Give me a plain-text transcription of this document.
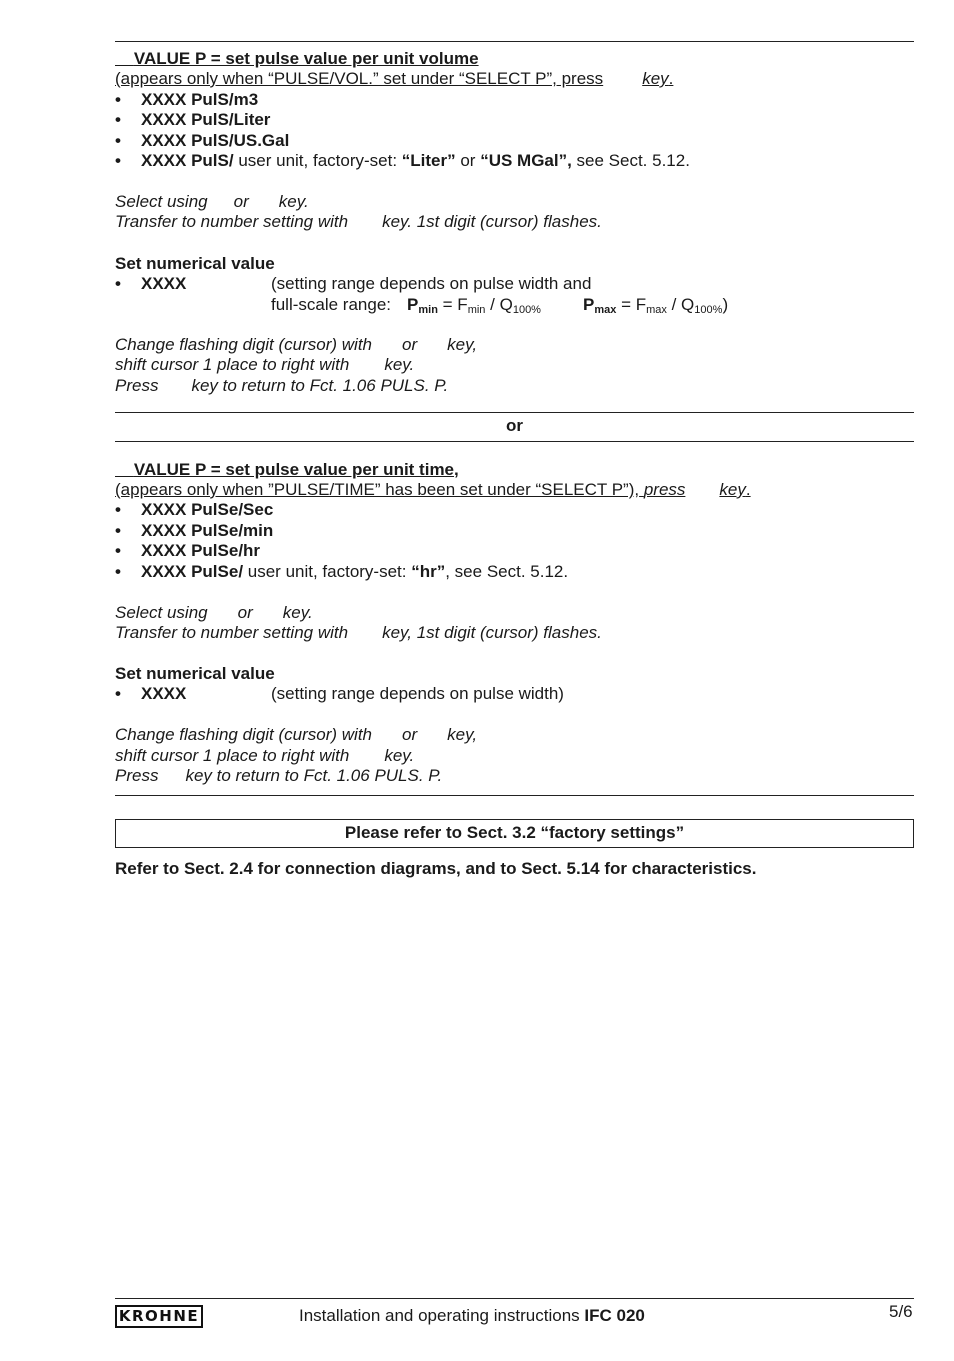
VALUE P = set pulse value per unit volume
(appears only when “PULSE/VOL.” set under “SELECT P”, press key.
• XXXX PulS/m3
• XXXX PulS/Liter
• XXXX PulS/US.Gal
• XXXX PulS/ user unit, factory-set: “Liter” or “US MGal”, see Sect. 5.12.
Select using or key.
Transfer to number setting with key. 1st digit (cursor) flashes.
Set numerical value
• XXXX	(setting range depends on pulse width and
full-scale range: $P_{min} = F_{min} / Q_{100\%}$ $P_{max} = F_{max} / Q_{100\%}$)
Change flashing digit (cursor) with or key,
shift cursor 1 place to right with key.
Press key to return to Fct. 1.06 PULS. P.
or
VALUE P = set pulse value per unit time,
(appears only when ”PULSE/TIME” has been set under “SELECT P”), press key.
• XXXX PulSe/Sec
• XXXX PulSe/min
• XXXX PulSe/hr
• XXXX PulSe/ user unit, factory-set: “hr”, see Sect. 5.12.
Select using or key.
Transfer to number setting with key, 1st digit (cursor) flashes.
Set numerical value
• XXXX	(setting range depends on pulse width)
Change flashing digit (cursor) with or key,
shift cursor 1 place to right with key.
Press key to return to Fct. 1.06 PULS. P.
Please refer to Sect. 3.2 “factory settings”
Refer to Sect. 2.4 for connection diagrams, and to Sect. 5.14 for characteristics.
KROHNE	Installation and operating instructions IFC 020	5/6
